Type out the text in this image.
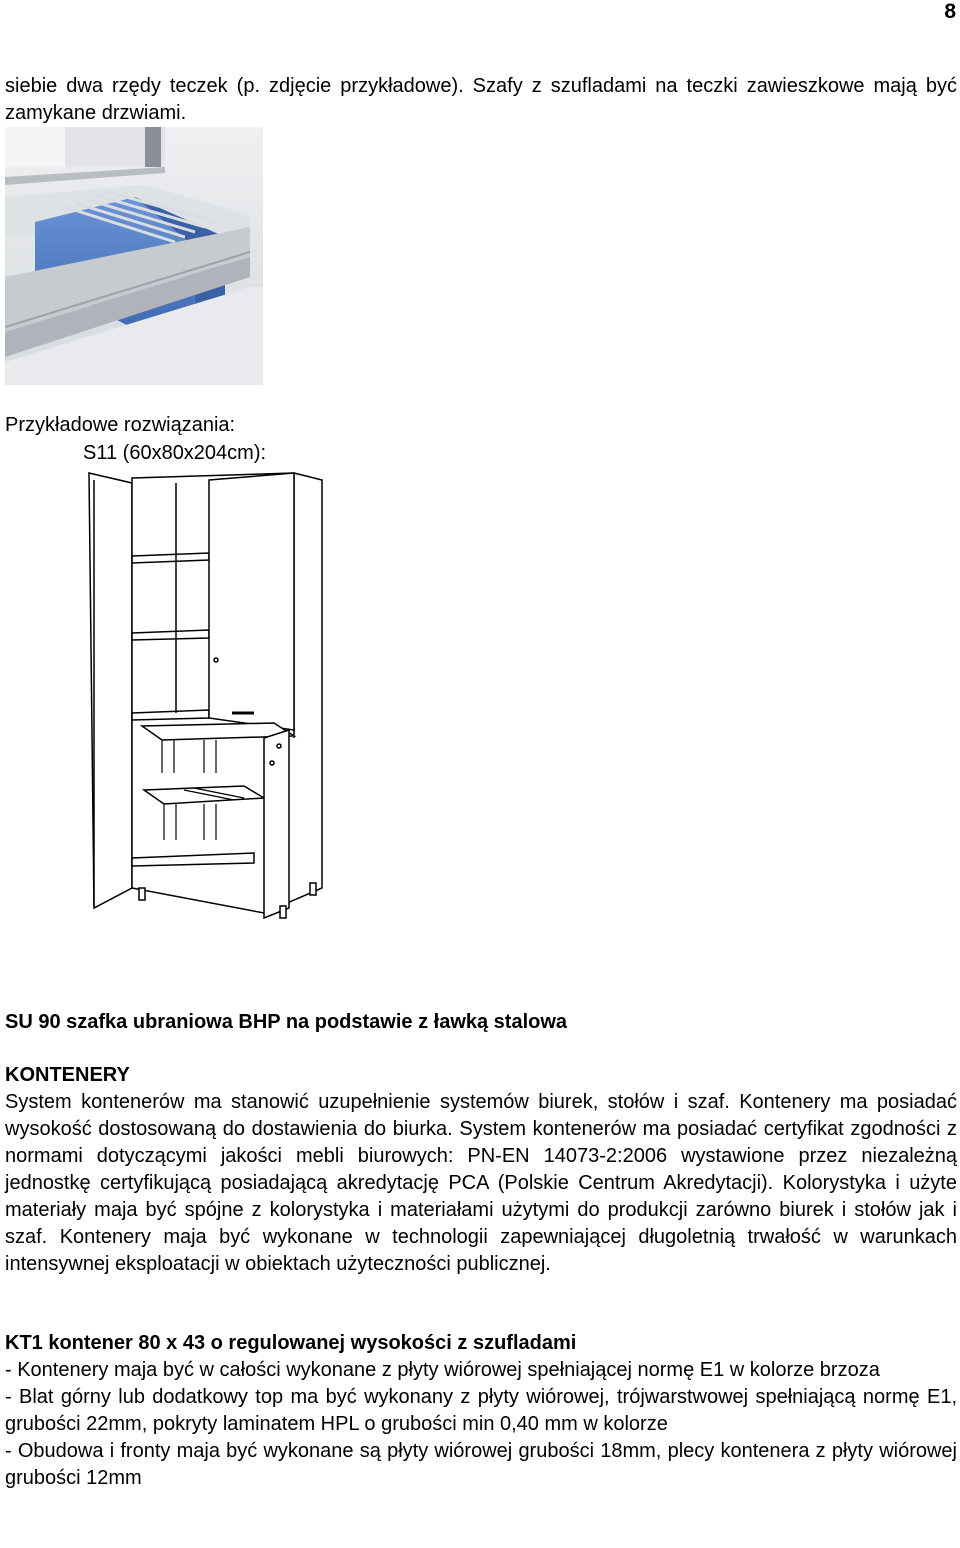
8

siebie dwa rzędy teczek (p. zdjęcie przykładowe). Szafy z szufladami na teczki zawieszkowe mają być zamykane drzwiami.

Przykładowe rozwiązania:

S11 (60x80x204cm):

SU 90 szafka ubraniowa BHP na podstawie z ławką stalowa

KONTENERY

System kontenerów ma stanowić uzupełnienie systemów biurek, stołów i szaf. Kontenery ma posiadać wysokość dostosowaną do dostawienia do biurka. System kontenerów ma posiadać certyfikat zgodności z normami dotyczącymi jakości mebli biurowych: PN-EN 14073-2:2006 wystawione przez niezależną jednostkę certyfikującą posiadającą akredytację PCA (Polskie Centrum Akredytacji). Kolorystyka i użyte materiały maja być spójne z kolorystyka i materiałami użytymi do produkcji zarówno biurek i stołów jak i szaf. Kontenery maja być wykonane w technologii zapewniającej długoletnią trwałość w warunkach intensywnej eksploatacji w obiektach użyteczności publicznej.

KT1 kontener 80 x 43 o regulowanej wysokości z szufladami

- Kontenery maja być w całości wykonane z płyty wiórowej spełniającej normę E1 w kolorze brzoza
- Blat górny lub dodatkowy top ma być wykonany z płyty wiórowej, trójwarstwowej spełniającą normę E1, grubości 22mm, pokryty laminatem HPL o grubości min 0,40 mm w kolorze
- Obudowa i fronty maja być wykonane są płyty wiórowej grubości 18mm, plecy kontenera z płyty wiórowej grubości 12mm
